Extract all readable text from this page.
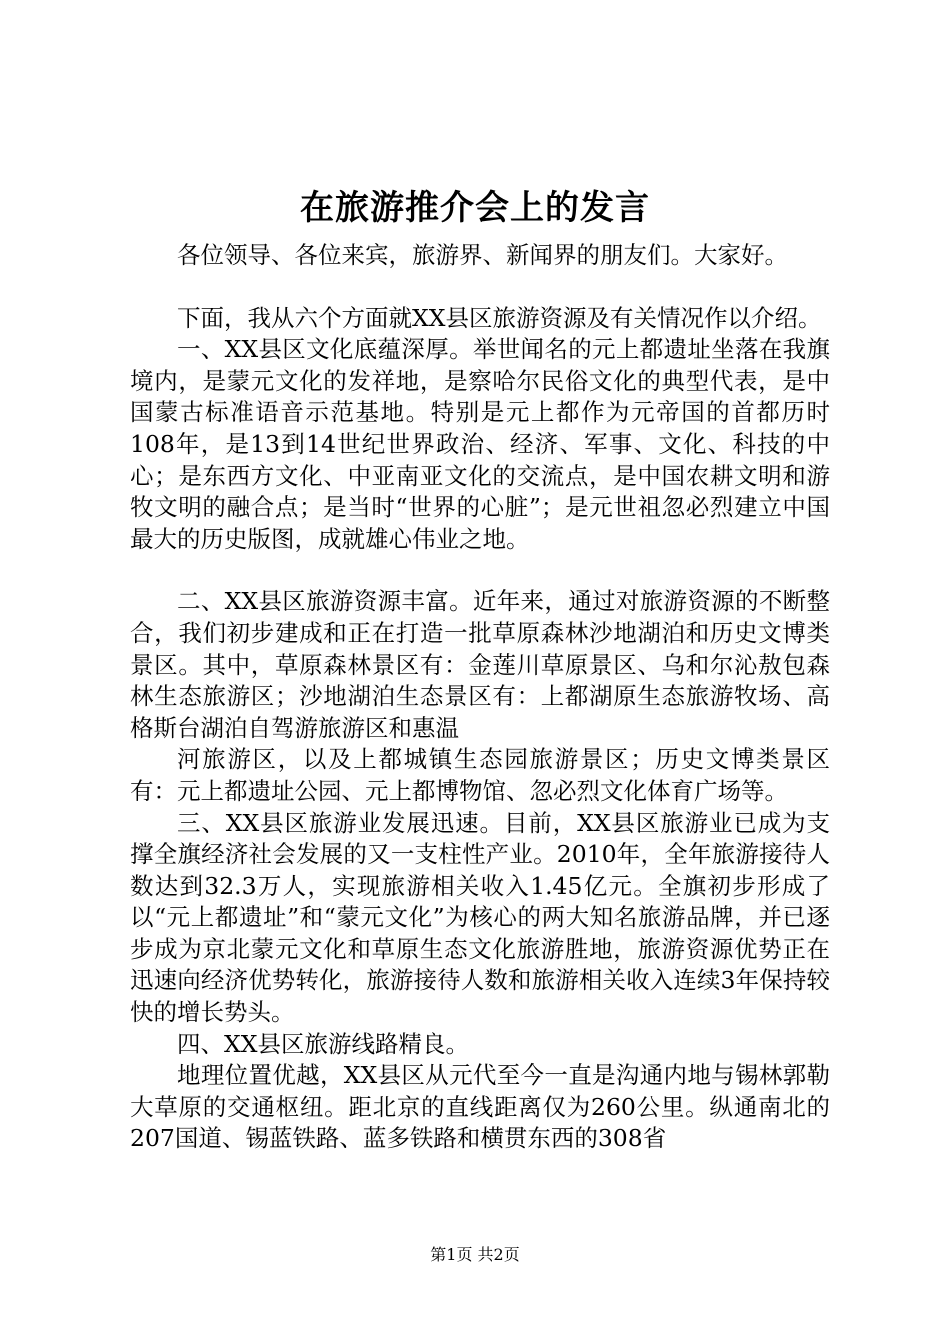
在旅游推介会上的发言

各位领导、各位来宾，旅游界、新闻界的朋友们。大家好。

下面，我从六个方面就XX县区旅游资源及有关情况作以介绍。

一、XX县区文化底蕴深厚。举世闻名的元上都遗址坐落在我旗境内，是蒙元文化的发祥地，是察哈尔民俗文化的典型代表，是中国蒙古标准语音示范基地。特别是元上都作为元帝国的首都历时108年，是13到14世纪世界政治、经济、军事、文化、科技的中心；是东西方文化、中亚南亚文化的交流点，是中国农耕文明和游牧文明的融合点；是当时“世界的心脏”；是元世祖忽必烈建立中国最大的历史版图，成就雄心伟业之地。

二、XX县区旅游资源丰富。近年来，通过对旅游资源的不断整合，我们初步建成和正在打造一批草原森林沙地湖泊和历史文博类景区。其中，草原森林景区有：金莲川草原景区、乌和尔沁敖包森林生态旅游区；沙地湖泊生态景区有：上都湖原生态旅游牧场、高格斯台湖泊自驾游旅游区和惠温

河旅游区，以及上都城镇生态园旅游景区；历史文博类景区有：元上都遗址公园、元上都博物馆、忽必烈文化体育广场等。

三、XX县区旅游业发展迅速。目前，XX县区旅游业已成为支撑全旗经济社会发展的又一支柱性产业。2010年，全年旅游接待人数达到32.3万人，实现旅游相关收入1.45亿元。全旗初步形成了以“元上都遗址”和“蒙元文化”为核心的两大知名旅游品牌，并已逐步成为京北蒙元文化和草原生态文化旅游胜地，旅游资源优势正在迅速向经济优势转化，旅游接待人数和旅游相关收入连续3年保持较快的增长势头。

四、XX县区旅游线路精良。

地理位置优越，XX县区从元代至今一直是沟通内地与锡林郭勒大草原的交通枢纽。距北京的直线距离仅为260公里。纵通南北的207国道、锡蓝铁路、蓝多铁路和横贯东西的308省

第1页 共2页
